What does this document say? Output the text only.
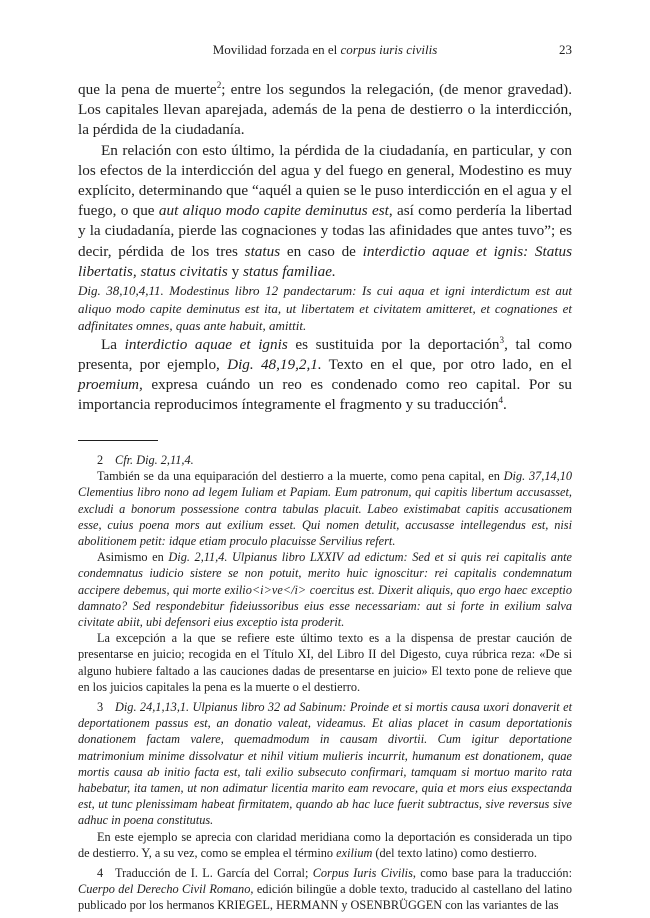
Movilidad forzada en el corpus iuris civilis	23

que la pena de muerte$^2$; entre los segundos la relegación, (de menor gravedad). Los capitales llevan aparejada, además de la pena de destierro o la interdicción, la pérdida de la ciudadanía.

En relación con esto último, la pérdida de la ciudadanía, en particular, y con los efectos de la interdicción del agua y del fuego en general, Modestino es muy explícito, determinando que “aquél a quien se le puso interdicción en el agua y el fuego, o que aut aliquo modo capite deminutus est, así como perdería la libertad y la ciudadanía, pierde las cognaciones y todas las afinidades que antes tuvo”; es decir, pérdida de los tres status en caso de interdictio aquae et ignis: Status libertatis, status civitatis y status familiae.

Dig. 38,10,4,11. Modestinus libro 12 pandectarum: Is cui aqua et igni interdictum est aut aliquo modo capite deminutus est ita, ut libertatem et civitatem amitteret, et cognationes et adfinitates omnes, quas ante habuit, amittit.

La interdictio aquae et ignis es sustituida por la deportación$^3$, tal como presenta, por ejemplo, Dig. 48,19,2,1. Texto en el que, por otro lado, en el proemium, expresa cuándo un reo es condenado como reo capital. Por su importancia reproducimos íntegramente el fragmento y su traducción$^4$.

2 Cfr. Dig. 2,11,4.

También se da una equiparación del destierro a la muerte, como pena capital, en Dig. 37,14,10 Clementius libro nono ad legem Iuliam et Papiam. Eum patronum, qui capitis libertum accusasset, excludi a bonorum possessione contra tabulas placuit. Labeo existimabat capitis accusationem esse, cuius poena mors aut exilium esset. Qui nomen detulit, accusasse intellegendus est, nisi abolitionem petit: idque etiam proculo placuisse Servilius refert.

Asimismo en Dig. 2,11,4. Ulpianus libro LXXIV ad edictum: Sed et si quis rei capitalis ante condemnatus iudicio sistere se non potuit, merito huic ignoscitur: rei capitalis condemnatum accipere debemus, qui morte exilio<i>ve</i> coercitus est. Dixerit aliquis, quo ergo haec exceptio damnato? Sed respondebitur fideiussoribus eius esse necessariam: aut si forte in exilium salva civitate abiit, ubi defensori eius exceptio ista proderit.

La excepción a la que se refiere este último texto es a la dispensa de prestar caución de presentarse en juicio; recogida en el Título XI, del Libro II del Digesto, cuya rúbrica reza: «De si alguno hubiere faltado a las cauciones dadas de presentarse en juicio» El texto pone de relieve que en los juicios capitales la pena es la muerte o el destierro.

3 Dig. 24,1,13,1. Ulpianus libro 32 ad Sabinum: Proinde et si mortis causa uxori donaverit et deportationem passus est, an donatio valeat, videamus. Et alias placet in casum deportationis donationem factam valere, quemadmodum in causam divortii. Cum igitur deportatione matrimonium minime dissolvatur et nihil vitium mulieris incurrit, humanum est donationem, quae mortis causa ab initio facta est, tali exilio subsecuto confirmari, tamquam si mortuo marito rata habebatur, ita tamen, ut non adimatur licentia marito eam revocare, quia et mors eius exspectanda est, ut tunc plenissimam habeat firmitatem, quando ab hac luce fuerit subtractus, sive reversus sive adhuc in poena constitutus.

En este ejemplo se aprecia con claridad meridiana como la deportación es considerada un tipo de destierro. Y, a su vez, como se emplea el término exilium (del texto latino) como destierro.

4 Traducción de I. L. García del Corral; Corpus Iuris Civilis, como base para la traducción: Cuerpo del Derecho Civil Romano, edición bilingüe a doble texto, traducido al castellano del latino publicado por los hermanos KRIEGEL, HERMANN y OSENBRÜGGEN con las variantes de las
